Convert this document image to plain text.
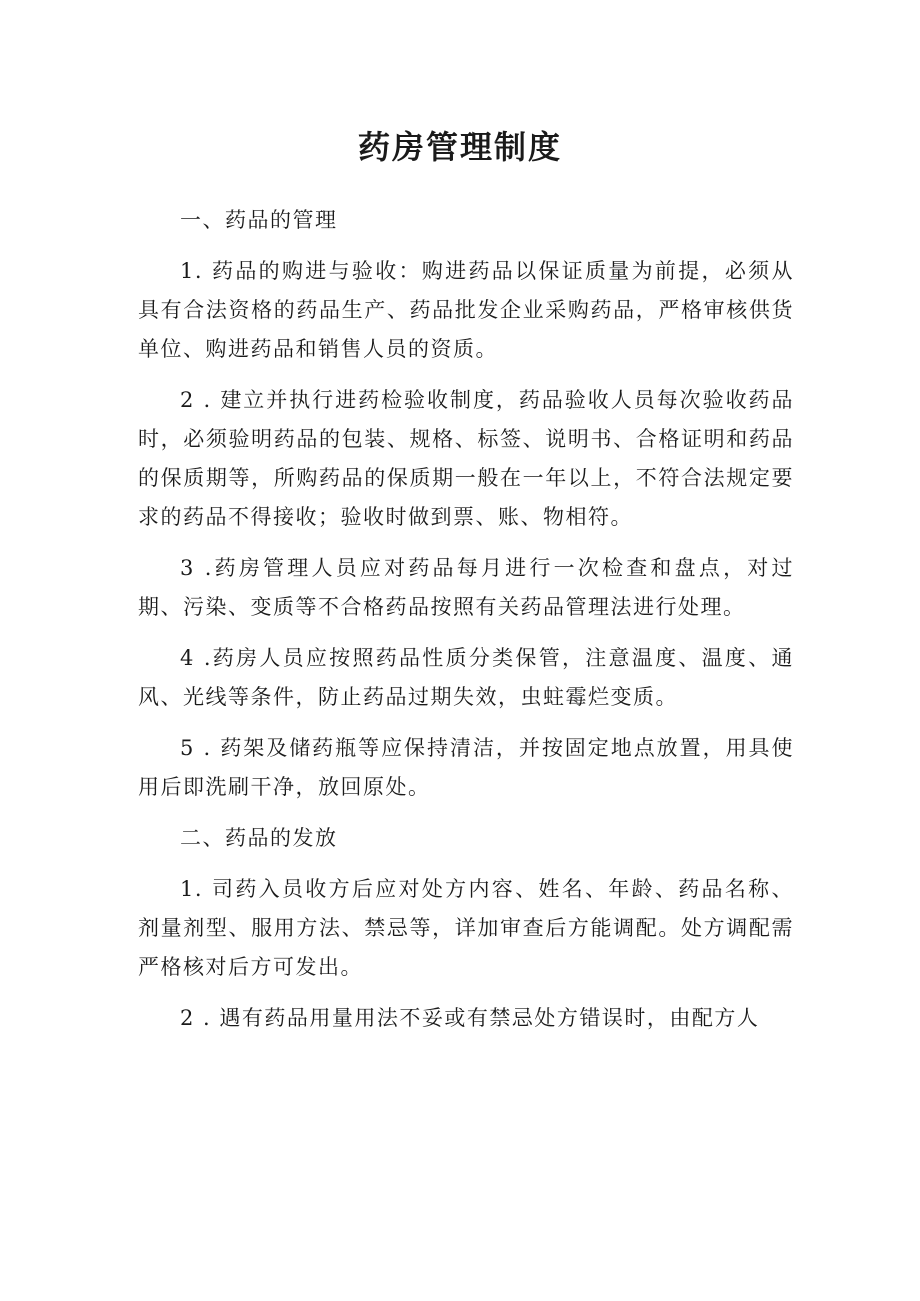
药房管理制度

一、药品的管理

1. 药品的购进与验收：购进药品以保证质量为前提，必须从具有合法资格的药品生产、药品批发企业采购药品，严格审核供货单位、购进药品和销售人员的资质。

2 . 建立并执行进药检验收制度，药品验收人员每次验收药品时，必须验明药品的包装、规格、标签、说明书、合格证明和药品的保质期等，所购药品的保质期一般在一年以上，不符合法规定要求的药品不得接收；验收时做到票、账、物相符。

3 .药房管理人员应对药品每月进行一次检查和盘点，对过期、污染、变质等不合格药品按照有关药品管理法进行处理。

4 .药房人员应按照药品性质分类保管，注意温度、温度、通风、光线等条件，防止药品过期失效，虫蛀霉烂变质。

5 . 药架及储药瓶等应保持清洁，并按固定地点放置，用具使用后即洗刷干净，放回原处。

二、药品的发放

1. 司药入员收方后应对处方内容、姓名、年龄、药品名称、剂量剂型、服用方法、禁忌等，详加审查后方能调配。处方调配需严格核对后方可发出。

2 . 遇有药品用量用法不妥或有禁忌处方错误时，由配方人
